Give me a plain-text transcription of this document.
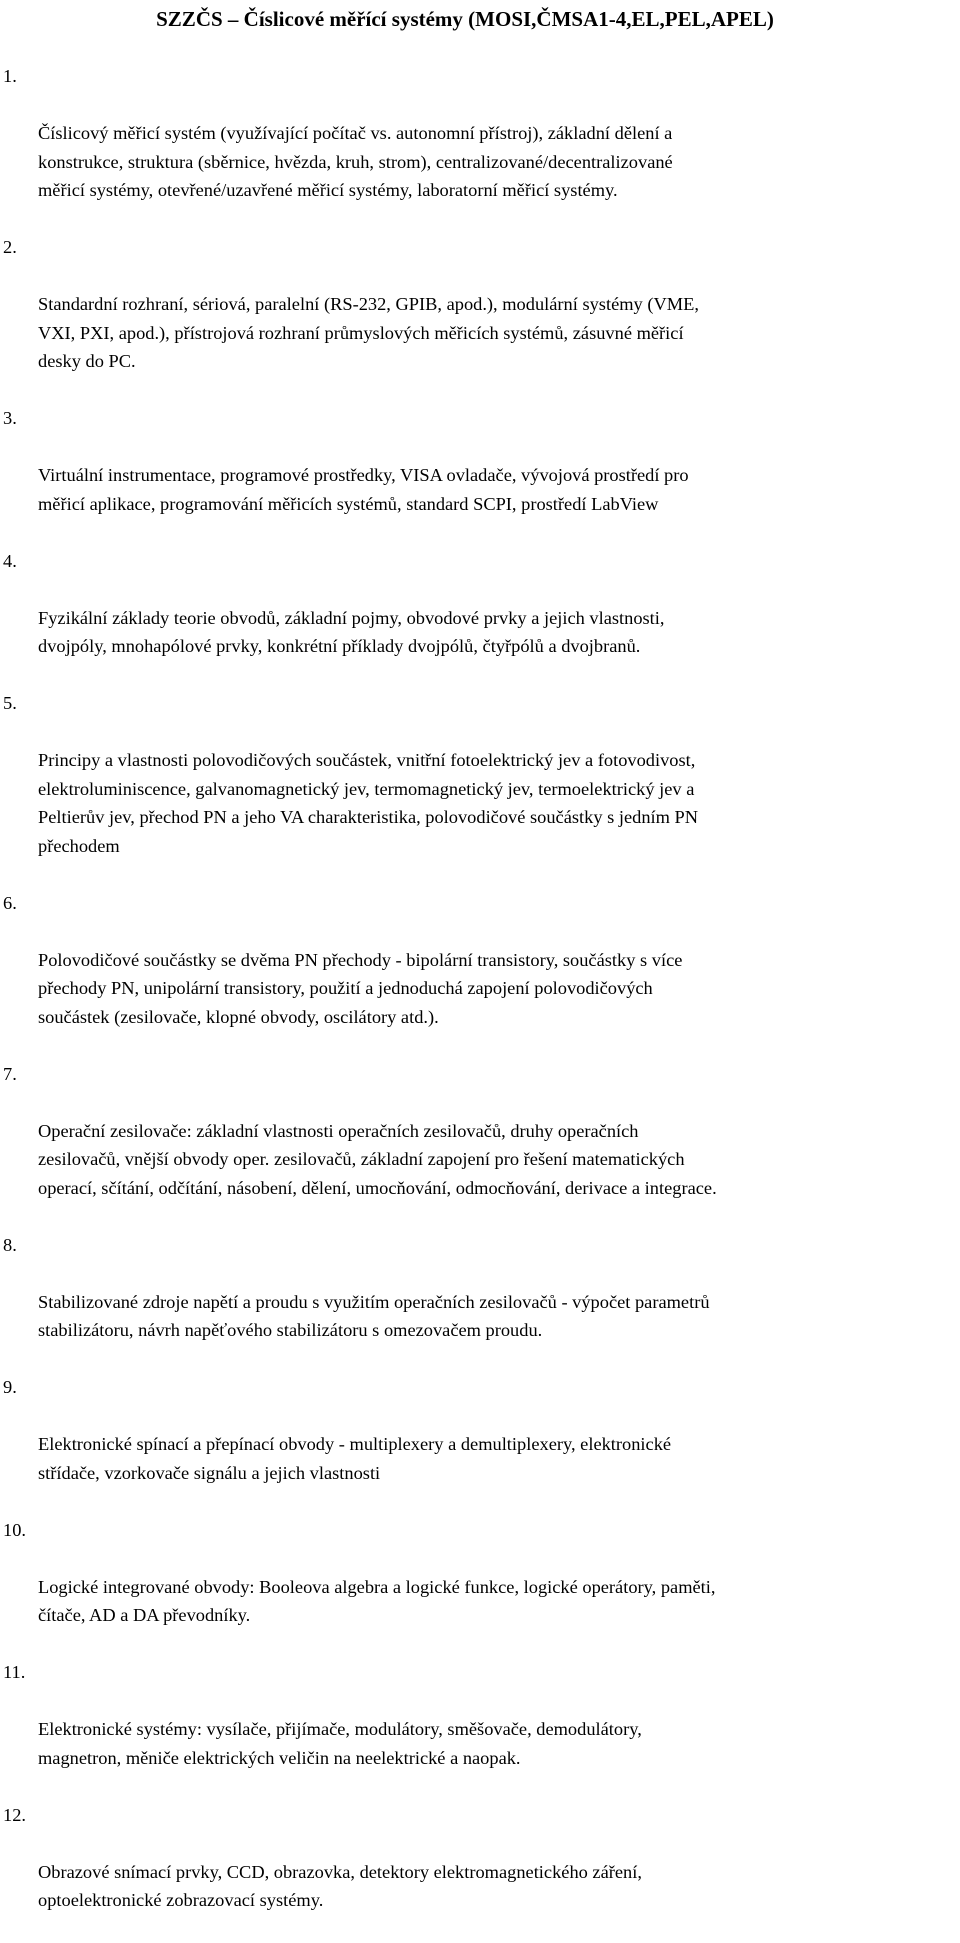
SZZČS – Číslicové měřící systémy (MOSI,ČMSA1-4,EL,PEL,APEL)

1.

Číslicový měřicí systém (využívající počítač vs. autonomní přístroj), základní dělení a
konstrukce, struktura (sběrnice, hvězda, kruh, strom), centralizované/decentralizované
měřicí systémy, otevřené/uzavřené měřicí systémy, laboratorní měřicí systémy.

2.

Standardní rozhraní, sériová, paralelní (RS-232, GPIB, apod.), modulární systémy (VME,
VXI, PXI, apod.), přístrojová rozhraní průmyslových měřicích systémů, zásuvné měřicí
desky do PC.

3.

Virtuální instrumentace, programové prostředky, VISA ovladače, vývojová prostředí pro
měřicí aplikace, programování měřicích systémů, standard SCPI, prostředí LabView

4.

Fyzikální základy teorie obvodů, základní pojmy, obvodové prvky a jejich vlastnosti,
dvojpóly, mnohapólové prvky, konkrétní příklady dvojpólů, čtyřpólů a dvojbranů.

5.

Principy a vlastnosti polovodičových součástek, vnitřní fotoelektrický jev a fotovodivost,
elektroluminiscence, galvanomagnetický jev, termomagnetický jev, termoelektrický jev a
Peltierův jev, přechod PN a jeho VA charakteristika, polovodičové součástky s jedním PN
přechodem

6.

Polovodičové součástky se dvěma PN přechody - bipolární transistory, součástky s více
přechody PN, unipolární transistory, použití a jednoduchá zapojení polovodičových
součástek (zesilovače, klopné obvody, oscilátory atd.).

7.

Operační zesilovače: základní vlastnosti operačních zesilovačů, druhy operačních
zesilovačů, vnější obvody oper. zesilovačů, základní zapojení pro řešení matematických
operací, sčítání, odčítání, násobení, dělení, umocňování, odmocňování, derivace a integrace.

8.

Stabilizované zdroje napětí a proudu s využitím operačních zesilovačů - výpočet parametrů
stabilizátoru, návrh napěťového stabilizátoru s omezovačem proudu.

9.

Elektronické spínací a přepínací obvody - multiplexery a demultiplexery, elektronické
střídače, vzorkovače signálu a jejich vlastnosti

10.

Logické integrované obvody: Booleova algebra a logické funkce, logické operátory, paměti,
čítače, AD a DA převodníky.

11.

Elektronické systémy: vysílače, přijímače, modulátory, směšovače, demodulátory,
magnetron, měniče elektrických veličin na neelektrické a naopak.

12.

Obrazové snímací prvky, CCD, obrazovka, detektory elektromagnetického záření,
optoelektronické zobrazovací systémy.
